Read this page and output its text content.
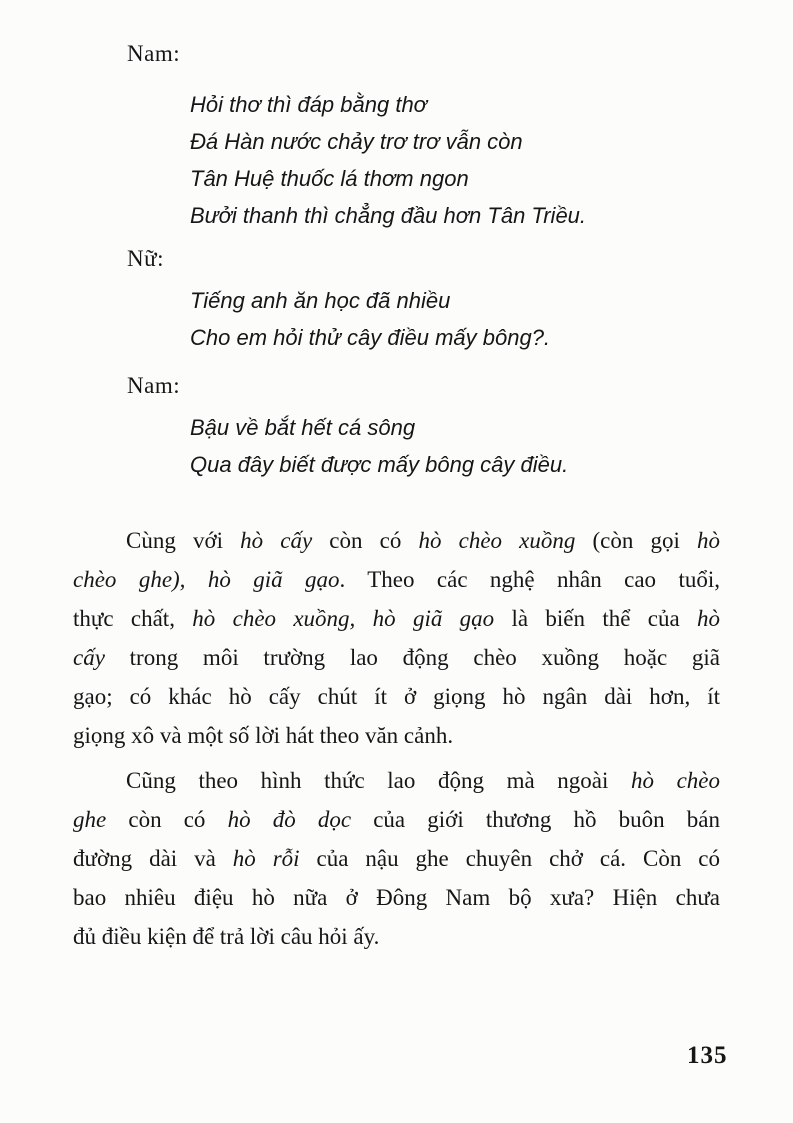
Nam:
Hỏi thơ thì đáp bằng thơ
Đá Hàn nước chảy trơ trơ vẫn còn
Tân Huệ thuốc lá thơm ngon
Bưởi thanh thì chẳng đầu hơn Tân Triều.
Nữ:
Tiếng anh ăn học đã nhiều
Cho em hỏi thử cây điều mấy bông?.
Nam:
Bậu về bắt hết cá sông
Qua đây biết được mấy bông cây điều.
Cùng với hò cấy còn có hò chèo xuồng (còn gọi hò
chèo ghe), hò giã gạo. Theo các nghệ nhân cao tuổi,
thực chất, hò chèo xuồng, hò giã gạo là biến thể của hò
cấy trong môi trường lao động chèo xuồng hoặc giã
gạo; có khác hò cấy chút ít ở giọng hò ngân dài hơn, ít
giọng xô và một số lời hát theo văn cảnh.
Cũng theo hình thức lao động mà ngoài hò chèo
ghe còn có hò đò dọc của giới thương hồ buôn bán
đường dài và hò rỗi của nậu ghe chuyên chở cá. Còn có
bao nhiêu điệu hò nữa ở Đông Nam bộ xưa? Hiện chưa
đủ điều kiện để trả lời câu hỏi ấy.
135
